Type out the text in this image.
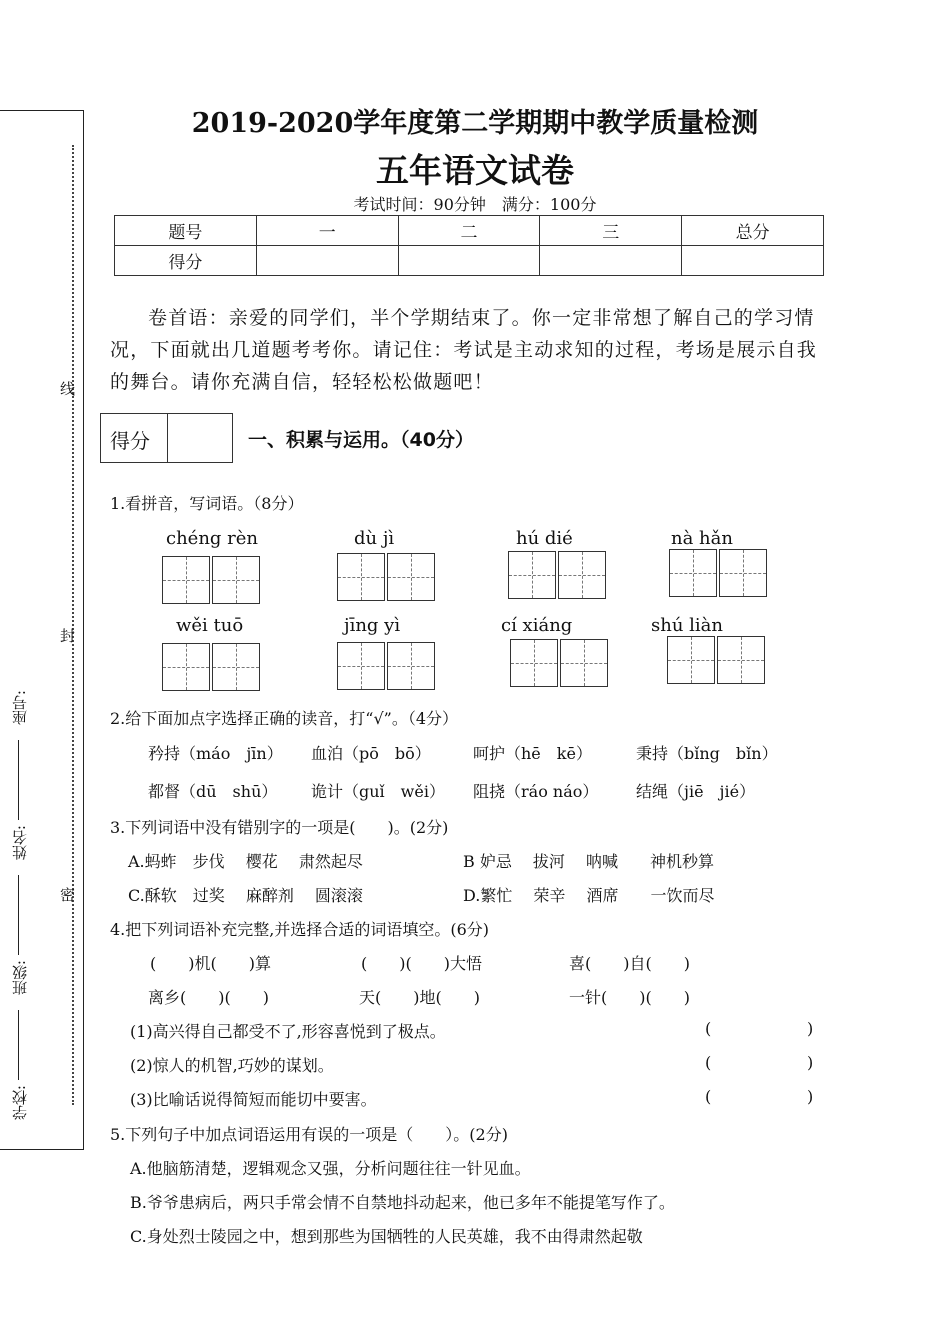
线
封
密
座号:
姓名:
班级:
学校:
2019-2020学年度第二学期期中教学质量检测
五年语文试卷
考试时间：90分钟　满分：100分
题号	一	二	三	总分
得分				
卷首语：亲爱的同学们，半个学期结束了。你一定非常想了解自己的学习情况，下面就出几道题考考你。请记住：考试是主动求知的过程，考场是展示自我的舞台。请你充满自信，轻轻松松做题吧！
得分	一、积累与运用。（40分）
1.看拼音，写词语。（8分）
chéng rèn	dù jì	hú dié	nà hǎn
wěi tuō	jīng yì	cí xiáng	shú liàn
2.给下面加点字选择正确的读音，打“√”。（4分）
矜持（máo　jīn） 血泊（pō　bō）	呵护（hē　kē）	秉持（bǐng　bǐn）
都督（dū　shū） 诡计（guǐ　wěi） 阻挠（ráo náo） 结绳（jiē　jié）
3.下列词语中没有错别字的一项是(　　)。(2分)
A.蚂蚱　步伐　 樱花　 肃然起尽	B 妒忌　 拔河　 呐喊　　神机秒算
C.酥软　过奖　 麻醉剂　 圆滚滚	D.繁忙　 荣辛　 酒席　　一饮而尽
4.把下列词语补充完整,并选择合适的词语填空。(6分)
(　　)机(　　)算	(　　)(　　)大悟	喜(　　)自(　　)
离乡(　　)(　　)	天(　　)地(　　)	一针(　　)(　　)
(1)高兴得自己都受不了,形容喜悦到了极点。	(	)
(2)惊人的机智,巧妙的谋划。	(	)
(3)比喻话说得简短而能切中要害。	(	)
5.下列句子中加点词语运用有误的一项是（　　）。(2分)
A.他脑筋清楚，逻辑观念又强，分析问题往往一针见血。
B.爷爷患病后，两只手常会情不自禁地抖动起来，他已多年不能提笔写作了。
C.身处烈士陵园之中，想到那些为国牺牲的人民英雄，我不由得肃然起敬
